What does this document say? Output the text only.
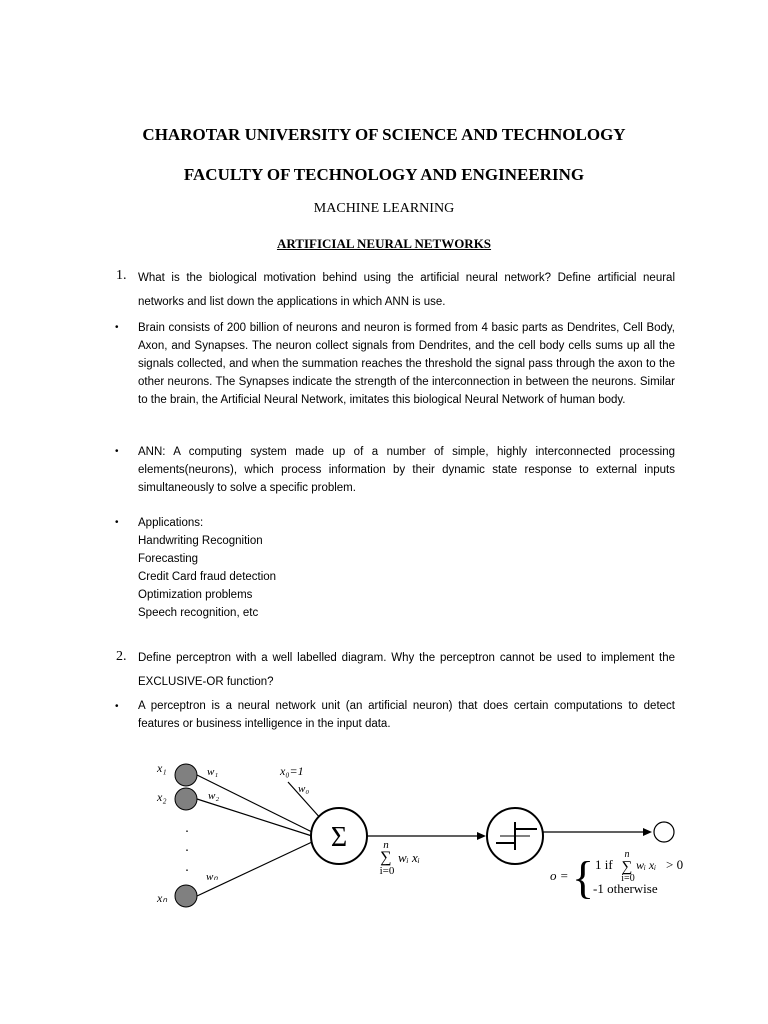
CHAROTAR UNIVERSITY OF SCIENCE AND TECHNOLOGY
FACULTY OF TECHNOLOGY AND ENGINEERING
MACHINE LEARNING
ARTIFICIAL NEURAL NETWORKS
1. What is the biological motivation behind using the artificial neural network? Define artificial neural networks and list down the applications in which ANN is use.
• Brain consists of 200 billion of neurons and neuron is formed from 4 basic parts as Dendrites, Cell Body, Axon, and Synapses. The neuron collect signals from Dendrites, and the cell body cells sums up all the signals collected, and when the summation reaches the threshold the signal pass through the axon to the other neurons. The Synapses indicate the strength of the interconnection in between the neurons. Similar to the brain, the Artificial Neural Network, imitates this biological Neural Network of human body.
• ANN: A computing system made up of a number of simple, highly interconnected processing elements(neurons), which process information by their dynamic state response to external inputs simultaneously to solve a specific problem.
• Applications:
Handwriting Recognition
Forecasting
Credit Card fraud detection
Optimization problems
Speech recognition, etc
2. Define perceptron with a well labelled diagram. Why the perceptron cannot be used to implement the EXCLUSIVE-OR function?
• A perceptron is a neural network unit (an artificial neuron) that does certain computations to detect features or business intelligence in the input data.
x₁
x₂
xₙ
w₁
w₂
wₙ
w₀
x₀=1
.
.
.
Σ	n
∑ wᵢ xᵢ
i=0	o = { 1 if
n
∑
i=0
wᵢ xᵢ > 0
-1 otherwise
